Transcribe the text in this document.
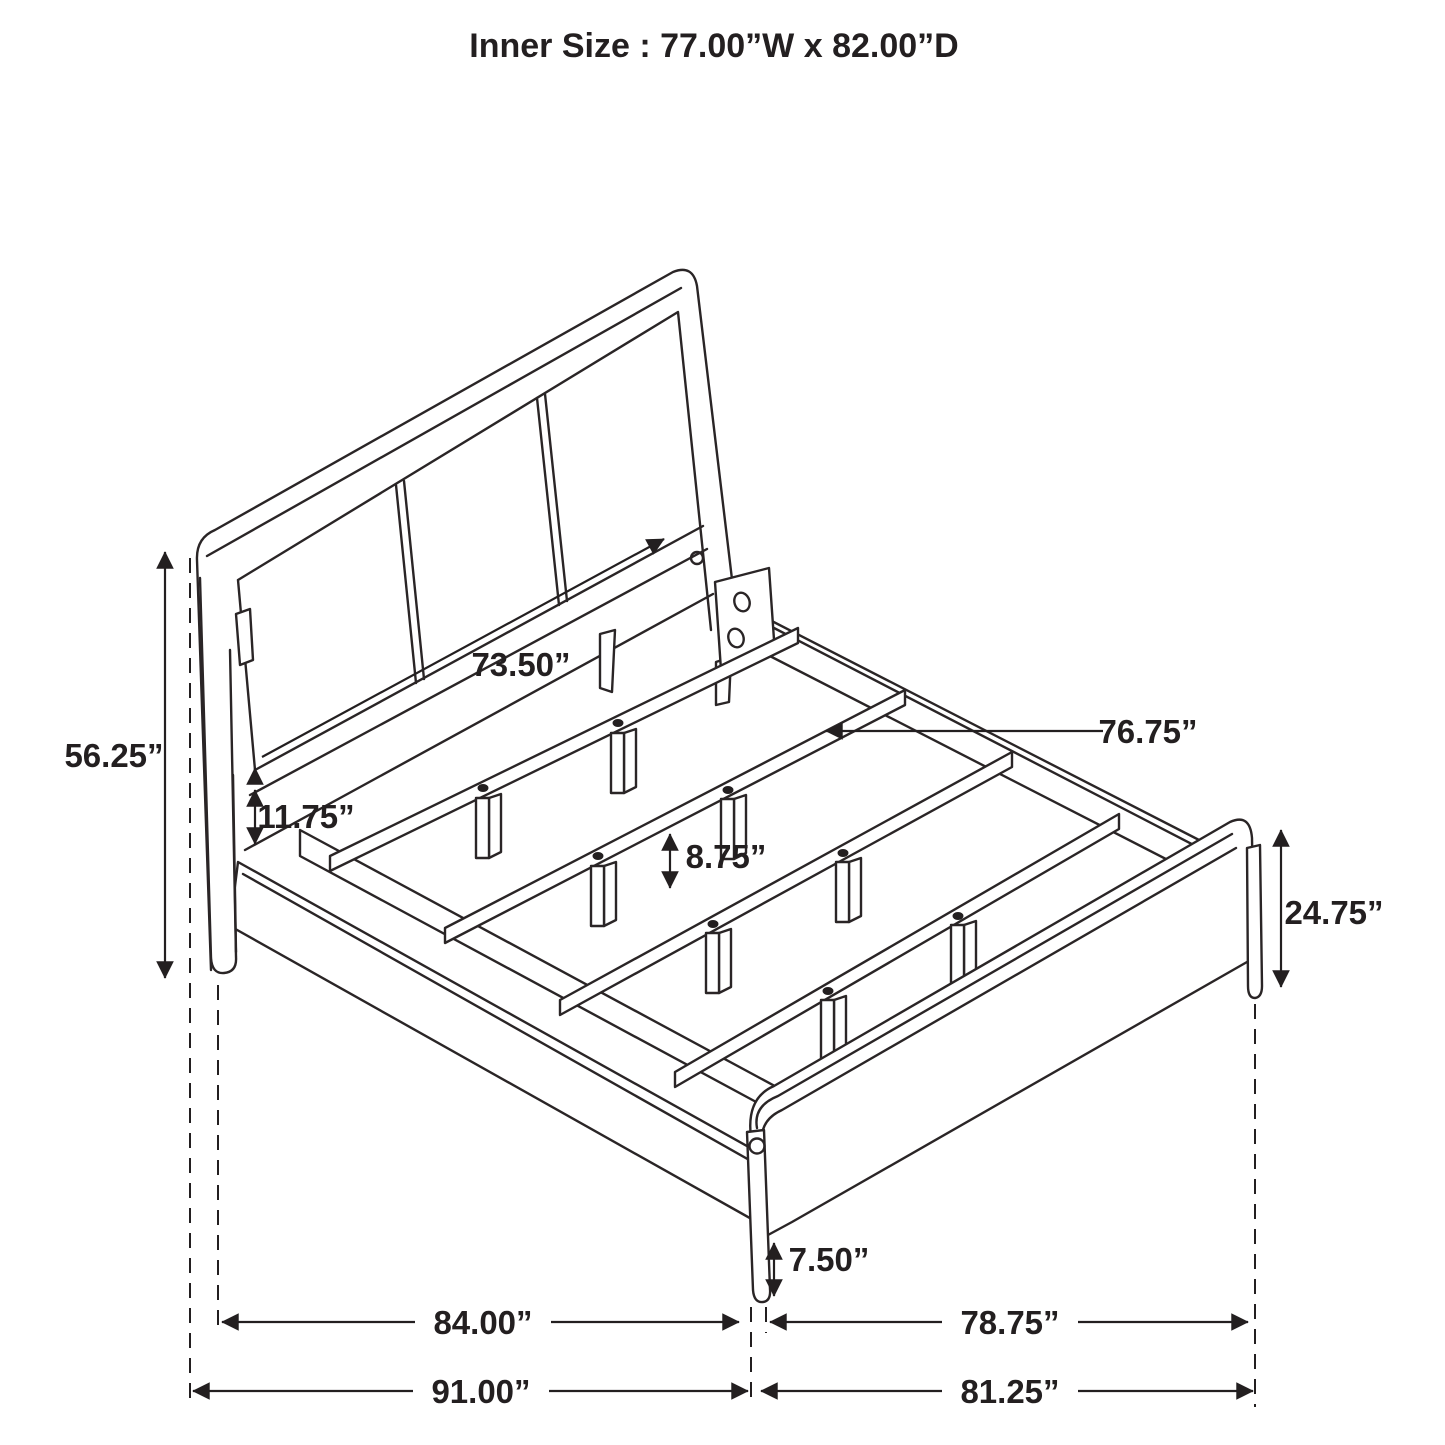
Inner Size : 77.00”W x 82.00”D
56.25”
73.50”
11.75”
76.75”
8.75”
24.75”
7.50”
84.00”	78.75”
91.00”	81.25”
